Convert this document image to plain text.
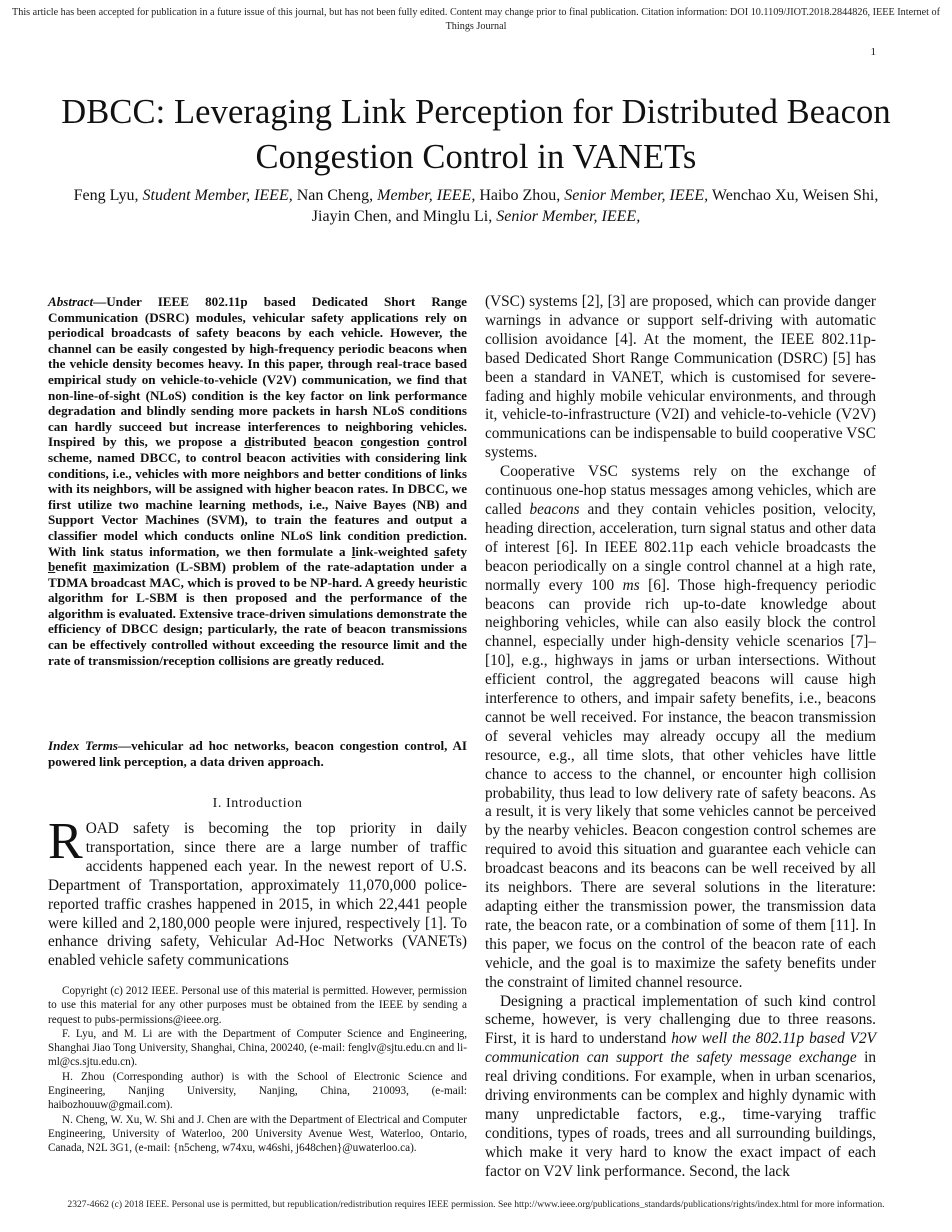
This article has been accepted for publication in a future issue of this journal, but has not been fully edited. Content may change prior to final publication. Citation information: DOI 10.1109/JIOT.2018.2844826, IEEE Internet of Things Journal
1
DBCC: Leveraging Link Perception for Distributed Beacon Congestion Control in VANETs
Feng Lyu, Student Member, IEEE, Nan Cheng, Member, IEEE, Haibo Zhou, Senior Member, IEEE, Wenchao Xu, Weisen Shi, Jiayin Chen, and Minglu Li, Senior Member, IEEE,
Abstract—Under IEEE 802.11p based Dedicated Short Range Communication (DSRC) modules, vehicular safety applications rely on periodical broadcasts of safety beacons by each vehicle. However, the channel can be easily congested by high-frequency periodic beacons when the vehicle density becomes heavy. In this paper, through real-trace based empirical study on vehicle-to-vehicle (V2V) communication, we find that non-line-of-sight (NLoS) condition is the key factor on link performance degradation and blindly sending more packets in harsh NLoS conditions can hardly succeed but increase interferences to neighboring vehicles. Inspired by this, we propose a distributed beacon congestion control scheme, named DBCC, to control beacon activities with considering link conditions, i.e., vehicles with more neighbors and better conditions of links with its neighbors, will be assigned with higher beacon rates. In DBCC, we first utilize two machine learning methods, i.e., Naive Bayes (NB) and Support Vector Machines (SVM), to train the features and output a classifier model which conducts online NLoS link condition prediction. With link status information, we then formulate a link-weighted safety benefit maximization (L-SBM) problem of the rate-adaptation under a TDMA broadcast MAC, which is proved to be NP-hard. A greedy heuristic algorithm for L-SBM is then proposed and the performance of the algorithm is evaluated. Extensive trace-driven simulations demonstrate the efficiency of DBCC design; particularly, the rate of beacon transmissions can be effectively controlled without exceeding the resource limit and the rate of transmission/reception collisions are greatly reduced.
Index Terms—vehicular ad hoc networks, beacon congestion control, AI powered link perception, a data driven approach.
I. Introduction
ROAD safety is becoming the top priority in daily transportation, since there are a large number of traffic accidents happened each year. In the newest report of U.S. Department of Transportation, approximately 11,070,000 police-reported traffic crashes happened in 2015, in which 22,441 people were killed and 2,180,000 people were injured, respectively [1]. To enhance driving safety, Vehicular Ad-Hoc Networks (VANETs) enabled vehicle safety communications

Copyright (c) 2012 IEEE. Personal use of this material is permitted. However, permission to use this material for any other purposes must be obtained from the IEEE by sending a request to pubs-permissions@ieee.org.

F. Lyu, and M. Li are with the Department of Computer Science and Engineering, Shanghai Jiao Tong University, Shanghai, China, 200240, (e-mail: fenglv@sjtu.edu.cn and li-ml@cs.sjtu.edu.cn).

H. Zhou (Corresponding author) is with the School of Electronic Science and Engineering, Nanjing University, Nanjing, China, 210093, (e-mail: haibozhouuw@gmail.com).

N. Cheng, W. Xu, W. Shi and J. Chen are with the Department of Electrical and Computer Engineering, University of Waterloo, 200 University Avenue West, Waterloo, Ontario, Canada, N2L 3G1, (e-mail: {n5cheng, w74xu, w46shi, j648chen}@uwaterloo.ca).

(VSC) systems [2], [3] are proposed, which can provide danger warnings in advance or support self-driving with automatic collision avoidance [4]. At the moment, the IEEE 802.11p-based Dedicated Short Range Communication (DSRC) [5] has been a standard in VANET, which is customised for severe-fading and highly mobile vehicular environments, and through it, vehicle-to-infrastructure (V2I) and vehicle-to-vehicle (V2V) communications can be indispensable to build cooperative VSC systems.

Cooperative VSC systems rely on the exchange of continuous one-hop status messages among vehicles, which are called beacons and they contain vehicles position, velocity, heading direction, acceleration, turn signal status and other data of interest [6]. In IEEE 802.11p each vehicle broadcasts the beacon periodically on a single control channel at a high rate, normally every 100 ms [6]. Those high-frequency periodic beacons can provide rich up-to-date knowledge about neighboring vehicles, while can also easily block the control channel, especially under high-density vehicle scenarios [7]–[10], e.g., highways in jams or urban intersections. Without efficient control, the aggregated beacons will cause high interference to others, and impair safety benefits, i.e., beacons cannot be well received. For instance, the beacon transmission of several vehicles may already occupy all the medium resource, e.g., all time slots, that other vehicles have little chance to access to the channel, or encounter high collision probability, thus lead to low delivery rate of safety beacons. As a result, it is very likely that some vehicles cannot be perceived by the nearby vehicles. Beacon congestion control schemes are required to avoid this situation and guarantee each vehicle can broadcast beacons and its beacons can be well received by all its neighbors. There are several solutions in the literature: adapting either the transmission power, the transmission data rate, the beacon rate, or a combination of some of them [11]. In this paper, we focus on the control of the beacon rate of each vehicle, and the goal is to maximize the safety benefits under the constraint of limited channel resource.

Designing a practical implementation of such kind control scheme, however, is very challenging due to three reasons. First, it is hard to understand how well the 802.11p based V2V communication can support the safety message exchange in real driving conditions. For example, when in urban scenarios, driving environments can be complex and highly dynamic with many unpredictable factors, e.g., time-varying traffic conditions, types of roads, trees and all surrounding buildings, which make it very hard to know the exact impact of each factor on V2V link performance. Second, the lack

2327-4662 (c) 2018 IEEE. Personal use is permitted, but republication/redistribution requires IEEE permission. See http://www.ieee.org/publications_standards/publications/rights/index.html for more information.
